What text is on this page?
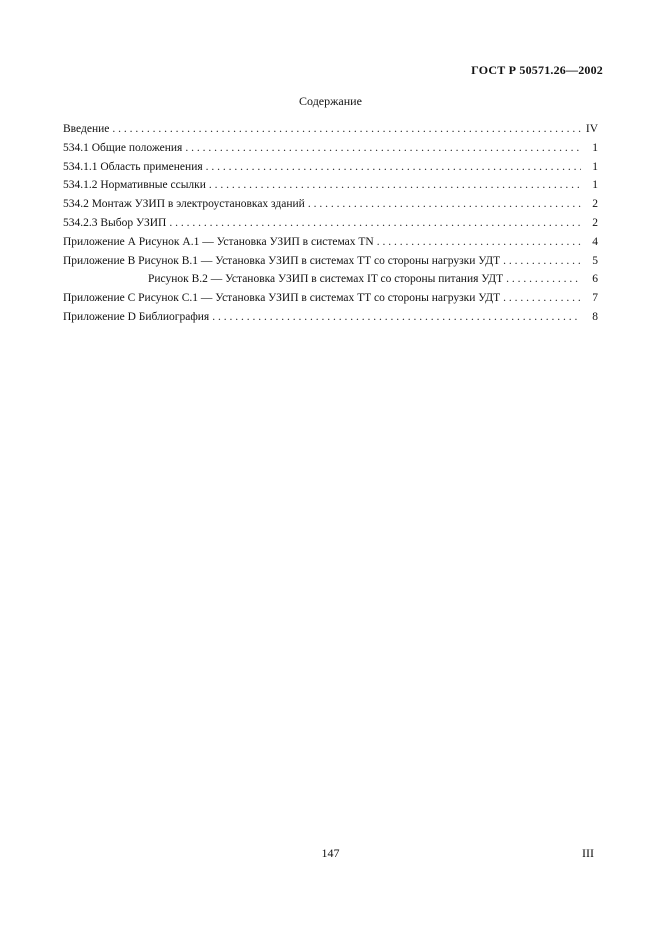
ГОСТ Р 50571.26—2002
Содержание
Введение . . .	IV
534.1 Общие положения . . .	1
534.1.1 Область применения . . .	1
534.1.2 Нормативные ссылки . . .	1
534.2 Монтаж УЗИП в электроустановках зданий . . .	2
534.2.3 Выбор УЗИП . . .	2
Приложение А Рисунок А.1 — Установка УЗИП в системах TN . . .	4
Приложение В Рисунок В.1 — Установка УЗИП в системах ТТ со стороны нагрузки УДТ . . .	5
Рисунок В.2 — Установка УЗИП в системах IT со стороны питания УДТ . . .	6
Приложение С Рисунок С.1 — Установка УЗИП в системах ТТ со стороны нагрузки УДТ . . .	7
Приложение D Библиография . . .	8
147	III
